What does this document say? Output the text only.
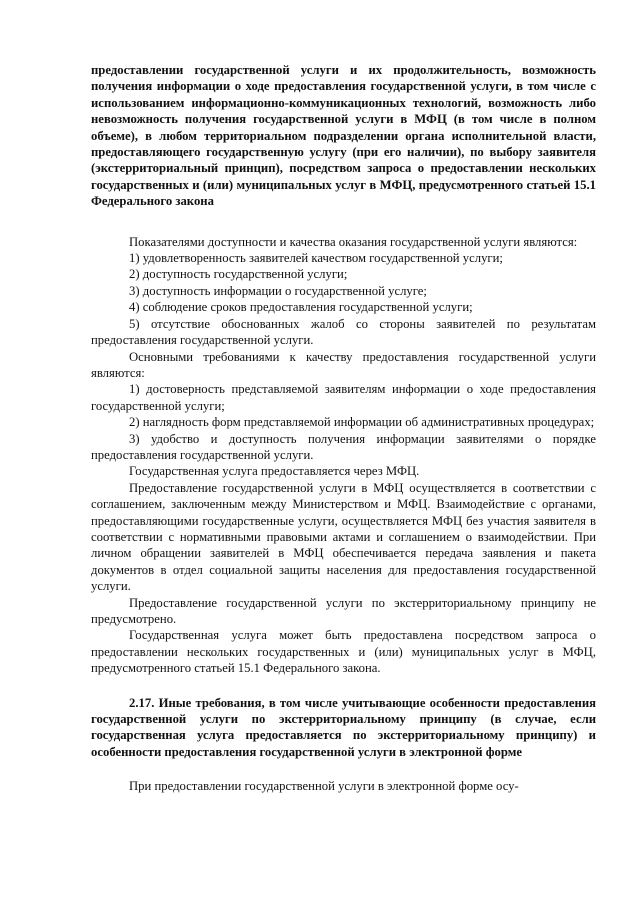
предоставлении государственной услуги и их продолжительность, возможность получения информации о ходе предоставления государственной услуги, в том числе с использованием информационно-коммуникационных технологий, возможность либо невозможность получения государственной услуги в МФЦ (в том числе в полном объеме), в любом территориальном подразделении органа исполнительной власти, предоставляющего государственную услугу (при его наличии), по выбору заявителя (экстерриториальный принцип), посредством запроса о предоставлении нескольких государственных и (или) муниципальных услуг в МФЦ, предусмотренного статьей 15.1 Федерального закона

Показателями доступности и качества оказания государственной услуги являются:

1) удовлетворенность заявителей качеством государственной услуги;

2) доступность государственной услуги;

3) доступность информации о государственной услуге;

4) соблюдение сроков предоставления государственной услуги;

5) отсутствие обоснованных жалоб со стороны заявителей по результатам предоставления государственной услуги.

Основными требованиями к качеству предоставления государственной услуги являются:

1) достоверность представляемой заявителям информации о ходе предоставления государственной услуги;

2) наглядность форм представляемой информации об административных процедурах;

3) удобство и доступность получения информации заявителями о порядке предоставления государственной услуги.

Государственная услуга предоставляется через МФЦ.

Предоставление государственной услуги в МФЦ осуществляется в соответствии с соглашением, заключенным между Министерством и МФЦ. Взаимодействие с органами, предоставляющими государственные услуги, осуществляется МФЦ без участия заявителя в соответствии с нормативными правовыми актами и соглашением о взаимодействии. При личном обращении заявителей в МФЦ обеспечивается передача заявления и пакета документов в отдел социальной защиты населения для предоставления государственной услуги.

Предоставление государственной услуги по экстерриториальному принципу не предусмотрено.

Государственная услуга может быть предоставлена посредством запроса о предоставлении нескольких государственных и (или) муниципальных услуг в МФЦ, предусмотренного статьей 15.1 Федерального закона.

2.17. Иные требования, в том числе учитывающие особенности предоставления государственной услуги по экстерриториальному принципу (в случае, если государственная услуга предоставляется по экстерриториальному принципу) и особенности предоставления государственной услуги в электронной форме

При предоставлении государственной услуги в электронной форме осу-
